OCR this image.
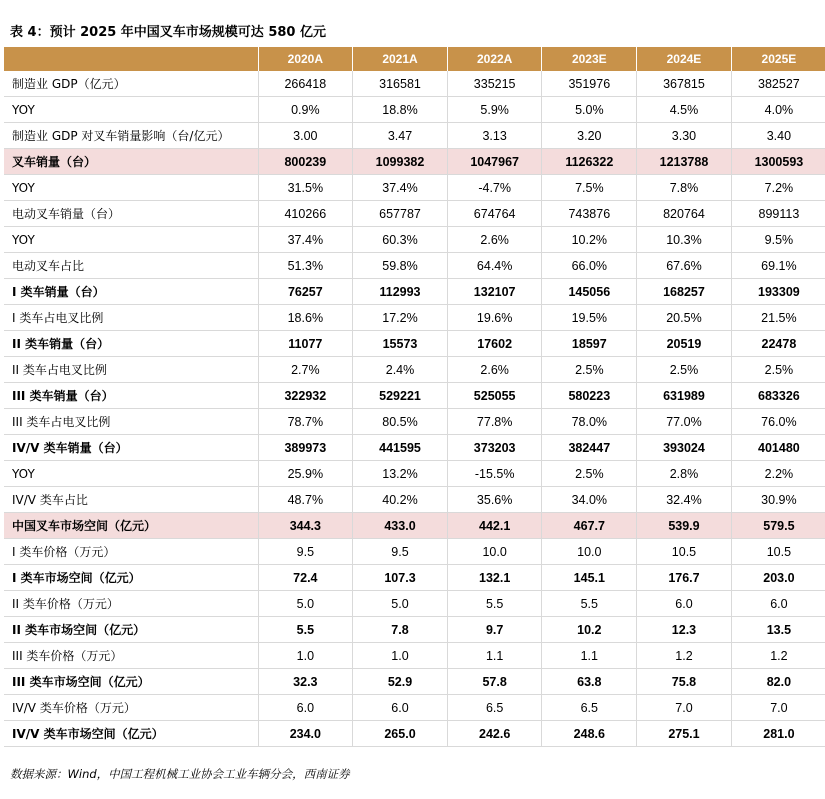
表 4：预计 2025 年中国叉车市场规模可达 580 亿元
	2020A	2021A	2022A	2023E	2024E	2025E
制造业 GDP（亿元）	266418	316581	335215	351976	367815	382527
YOY	0.9%	18.8%	5.9%	5.0%	4.5%	4.0%
制造业 GDP 对叉车销量影响（台/亿元）	3.00	3.47	3.13	3.20	3.30	3.40
叉车销量（台）	800239	1099382	1047967	1126322	1213788	1300593
YOY	31.5%	37.4%	-4.7%	7.5%	7.8%	7.2%
电动叉车销量（台）	410266	657787	674764	743876	820764	899113
YOY	37.4%	60.3%	2.6%	10.2%	10.3%	9.5%
电动叉车占比	51.3%	59.8%	64.4%	66.0%	67.6%	69.1%
I 类车销量（台）	76257	112993	132107	145056	168257	193309
I 类车占电叉比例	18.6%	17.2%	19.6%	19.5%	20.5%	21.5%
II 类车销量（台）	11077	15573	17602	18597	20519	22478
II 类车占电叉比例	2.7%	2.4%	2.6%	2.5%	2.5%	2.5%
III 类车销量（台）	322932	529221	525055	580223	631989	683326
III 类车占电叉比例	78.7%	80.5%	77.8%	78.0%	77.0%	76.0%
IV/V 类车销量（台）	389973	441595	373203	382447	393024	401480
YOY	25.9%	13.2%	-15.5%	2.5%	2.8%	2.2%
IV/V 类车占比	48.7%	40.2%	35.6%	34.0%	32.4%	30.9%
中国叉车市场空间（亿元）	344.3	433.0	442.1	467.7	539.9	579.5
I 类车价格（万元）	9.5	9.5	10.0	10.0	10.5	10.5
I 类车市场空间（亿元）	72.4	107.3	132.1	145.1	176.7	203.0
II 类车价格（万元）	5.0	5.0	5.5	5.5	6.0	6.0
II 类车市场空间（亿元）	5.5	7.8	9.7	10.2	12.3	13.5
III 类车价格（万元）	1.0	1.0	1.1	1.1	1.2	1.2
III 类车市场空间（亿元）	32.3	52.9	57.8	63.8	75.8	82.0
IV/V 类车价格（万元）	6.0	6.0	6.5	6.5	7.0	7.0
IV/V 类车市场空间（亿元）	234.0	265.0	242.6	248.6	275.1	281.0
数据来源：Wind，中国工程机械工业协会工业车辆分会，西南证券
